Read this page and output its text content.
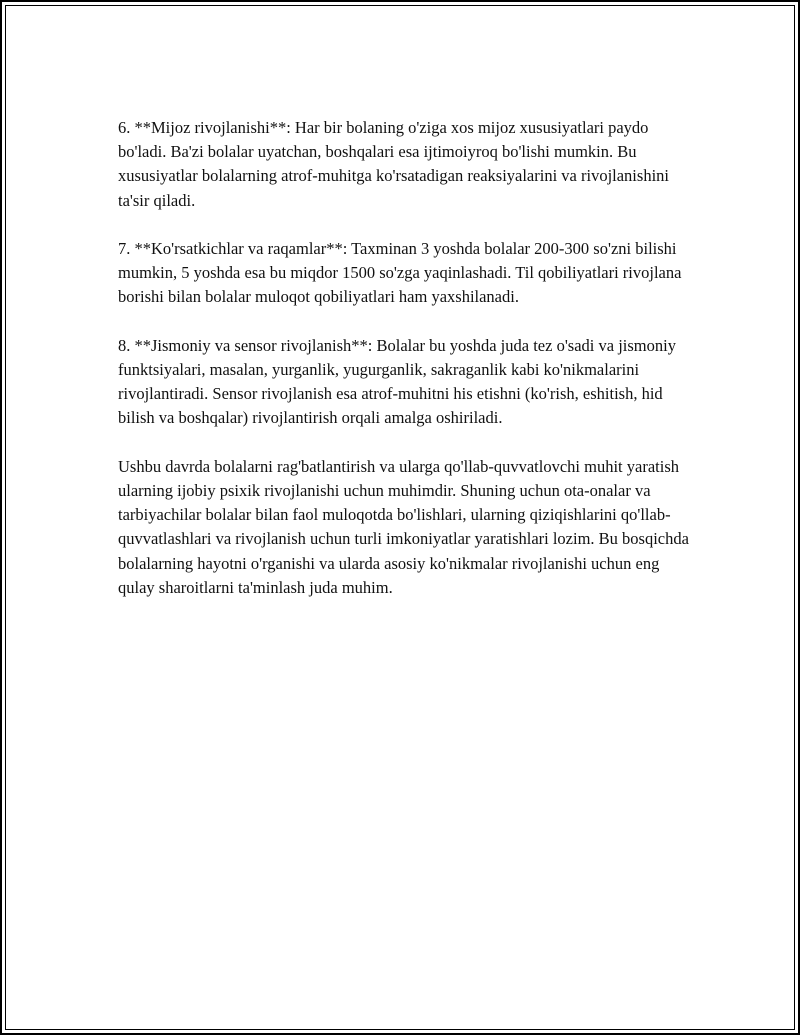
6. **Mijoz rivojlanishi**: Har bir bolaning o'ziga xos mijoz xususiyatlari paydo bo'ladi. Ba'zi bolalar uyatchan, boshqalari esa ijtimoiyroq bo'lishi mumkin. Bu xususiyatlar bolalarning atrof-muhitga ko'rsatadigan reaksiyalarini va rivojlanishini ta'sir qiladi.

7. **Ko'rsatkichlar va raqamlar**: Taxminan 3 yoshda bolalar 200-300 so'zni bilishi mumkin, 5 yoshda esa bu miqdor 1500 so'zga yaqinlashadi. Til qobiliyatlari rivojlana borishi bilan bolalar muloqot qobiliyatlari ham yaxshilanadi.

8. **Jismoniy va sensor rivojlanish**: Bolalar bu yoshda juda tez o'sadi va jismoniy funktsiyalari, masalan, yurganlik, yugurganlik, sakraganlik kabi ko'nikmalarini rivojlantiradi. Sensor rivojlanish esa atrof-muhitni his etishni (ko'rish, eshitish, hid bilish va boshqalar) rivojlantirish orqali amalga oshiriladi.

Ushbu davrda bolalarni rag'batlantirish va ularga qo'llab-quvvatlovchi muhit yaratish ularning ijobiy psixik rivojlanishi uchun muhimdir. Shuning uchun ota-onalar va tarbiyachilar bolalar bilan faol muloqotda bo'lishlari, ularning qiziqishlarini qo'llab-quvvatlashlari va rivojlanish uchun turli imkoniyatlar yaratishlari lozim. Bu bosqichda bolalarning hayotni o'rganishi va ularda asosiy ko'nikmalar rivojlanishi uchun eng qulay sharoitlarni ta'minlash juda muhim.
